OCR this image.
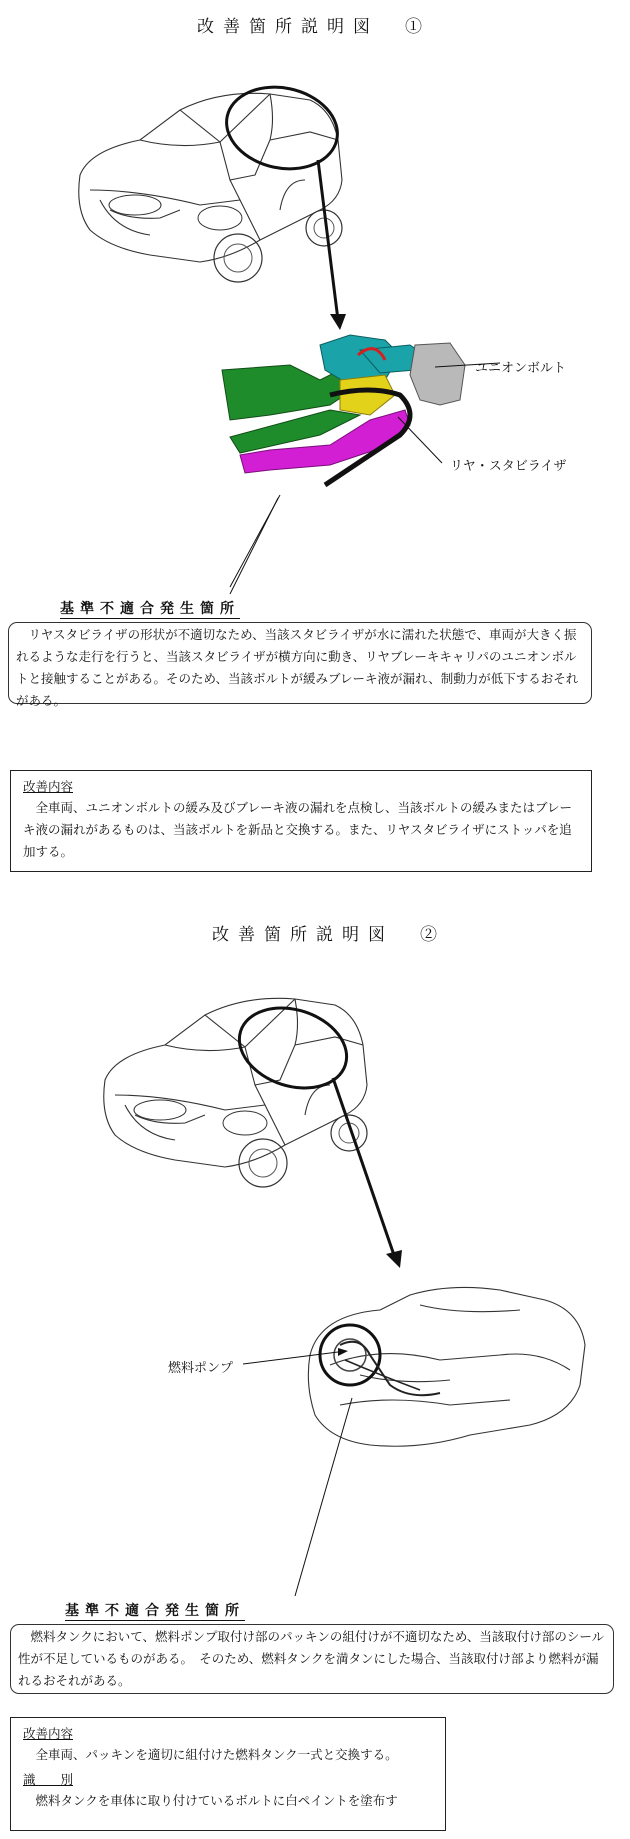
改善箇所説明図　①
ユニオンボルト
リヤ・スタビライザ
基準不適合発生箇所
　リヤスタビライザの形状が不適切なため、当該スタビライザが水に濡れた状態で、車両が大きく振れるような走行を行うと、当該スタビライザが横方向に動き、リヤブレーキキャリパのユニオンボルトと接触することがある。そのため、当該ボルトが緩みブレーキ液が漏れ、制動力が低下するおそれがある。
改善内容
　全車両、ユニオンボルトの緩み及びブレーキ液の漏れを点検し、当該ボルトの緩みまたはブレーキ液の漏れがあるものは、当該ボルトを新品と交換する。また、リヤスタビライザにストッパを追加する。
改善箇所説明図　②
燃料ポンプ
基準不適合発生箇所
　燃料タンクにおいて、燃料ポンプ取付け部のパッキンの組付けが不適切なため、当該取付け部のシール性が不足しているものがある。　そのため、燃料タンクを満タンにした場合、当該取付け部より燃料が漏れるおそれがある。
改善内容
　全車両、パッキンを適切に組付けた燃料タンク一式と交換する。
識　　別
　燃料タンクを車体に取り付けているボルトに白ペイントを塗布す
